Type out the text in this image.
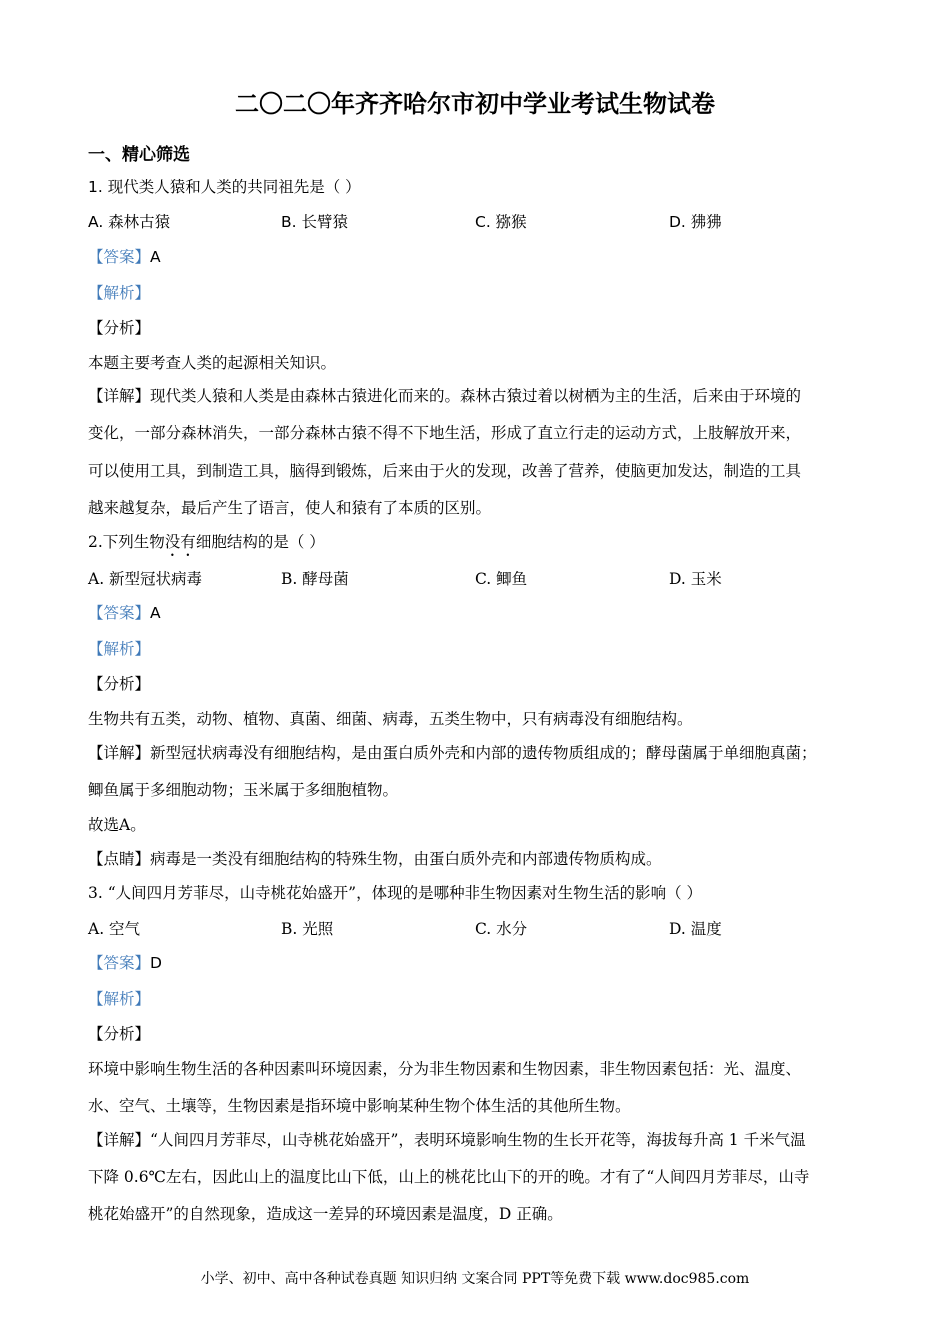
二〇二〇年齐齐哈尔市初中学业考试生物试卷
一、精心筛选
1. 现代类人猿和人类的共同祖先是（ ）
A. 森林古猿	B. 长臂猿	C. 猕猴	D. 狒狒
【答案】A
【解析】
【分析】
本题主要考查人类的起源相关知识。
【详解】现代类人猿和人类是由森林古猿进化而来的。森林古猿过着以树栖为主的生活，后来由于环境的
变化，一部分森林消失，一部分森林古猿不得不下地生活，形成了直立行走的运动方式，上肢解放开来，
可以使用工具，到制造工具，脑得到锻炼，后来由于火的发现，改善了营养，使脑更加发达，制造的工具
越来越复杂，最后产生了语言，使人和猿有了本质的区别。
2.下列生物没有细胞结构的是（ ）
A. 新型冠状病毒	B. 酵母菌	C. 鲫鱼	D. 玉米
【答案】A
【解析】
【分析】
生物共有五类，动物、植物、真菌、细菌、病毒，五类生物中，只有病毒没有细胞结构。
【详解】新型冠状病毒没有细胞结构，是由蛋白质外壳和内部的遗传物质组成的；酵母菌属于单细胞真菌；
鲫鱼属于多细胞动物；玉米属于多细胞植物。
故选A。
【点睛】病毒是一类没有细胞结构的特殊生物，由蛋白质外壳和内部遗传物质构成。
3. “人间四月芳菲尽，山寺桃花始盛开”，体现的是哪种非生物因素对生物生活的影响（ ）
A. 空气	B. 光照	C. 水分	D. 温度
【答案】D
【解析】
【分析】
环境中影响生物生活的各种因素叫环境因素，分为非生物因素和生物因素，非生物因素包括：光、温度、
水、空气、土壤等，生物因素是指环境中影响某种生物个体生活的其他所生物。
【详解】“人间四月芳菲尽，山寺桃花始盛开”，表明环境影响生物的生长开花等，海拔每升高 1 千米气温
下降 0.6℃左右，因此山上的温度比山下低，山上的桃花比山下的开的晚。才有了“人间四月芳菲尽，山寺
桃花始盛开”的自然现象，造成这一差异的环境因素是温度，D 正确。
小学、初中、高中各种试卷真题 知识归纳 文案合同 PPT等免费下载 www.doc985.com
